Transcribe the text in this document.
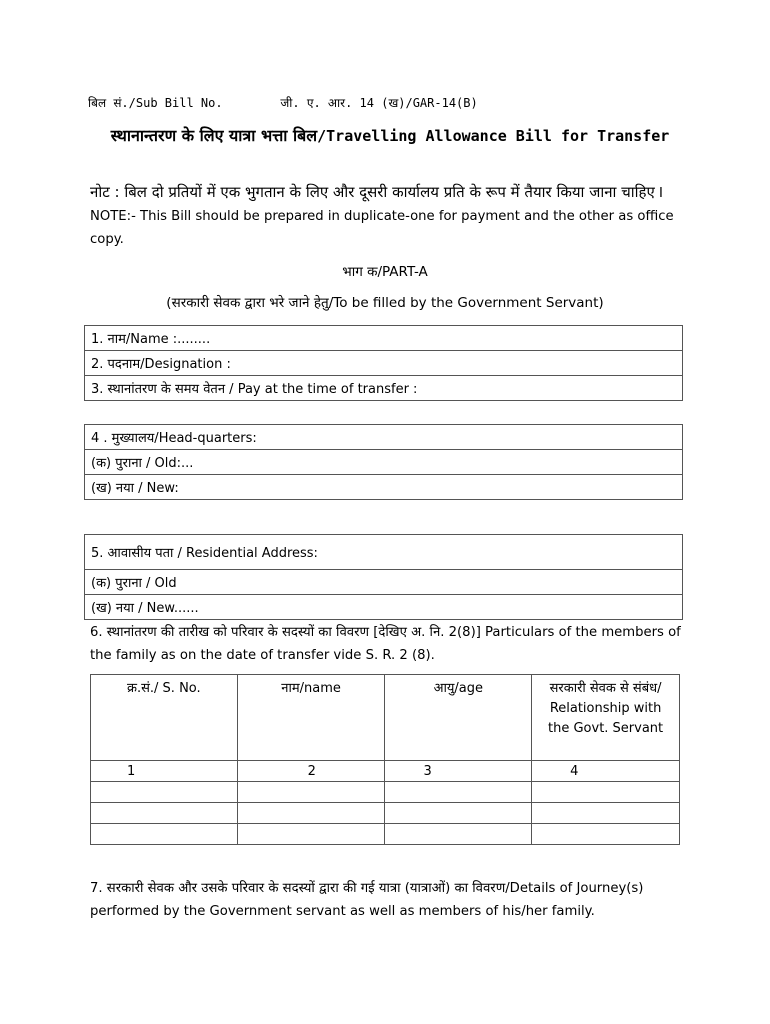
बिल सं./Sub Bill No.	जी. ए. आर. 14 (ख)/GAR-14(B)
स्थानान्तरण के लिए यात्रा भत्ता बिल/Travelling Allowance Bill for Transfer
नोट : बिल दो प्रतियों में एक भुगतान के लिए और दूसरी कार्यालय प्रति के रूप में तैयार किया जाना चाहिए I NOTE:- This Bill should be prepared in duplicate-one for payment and the other as office copy.
भाग क/PART-A
(सरकारी सेवक द्वारा भरे जाने हेतु/To be filled by the Government Servant)
1. नाम/Name :........
2. पदनाम/Designation :
3. स्थानांतरण के समय वेतन / Pay at the time of transfer :
4 . मुख्यालय/Head-quarters:
(क) पुराना / Old:...
(ख) नया / New:
5. आवासीय पता / Residential Address:
(क) पुराना / Old
(ख) नया / New......
6. स्थानांतरण की तारीख को परिवार के सदस्यों का विवरण [देखिए अ. नि. 2(8)] Particulars of the members of the family as on the date of transfer vide S. R. 2 (8).
क्र.सं./ S. No.	नाम/name	आयु/age	सरकारी सेवक से संबंध/ Relationship with the Govt. Servant
1	2	3	4

7. सरकारी सेवक और उसके परिवार के सदस्यों द्वारा की गई यात्रा (यात्राओं) का विवरण/Details of Journey(s) performed by the Government servant as well as members of his/her family.
